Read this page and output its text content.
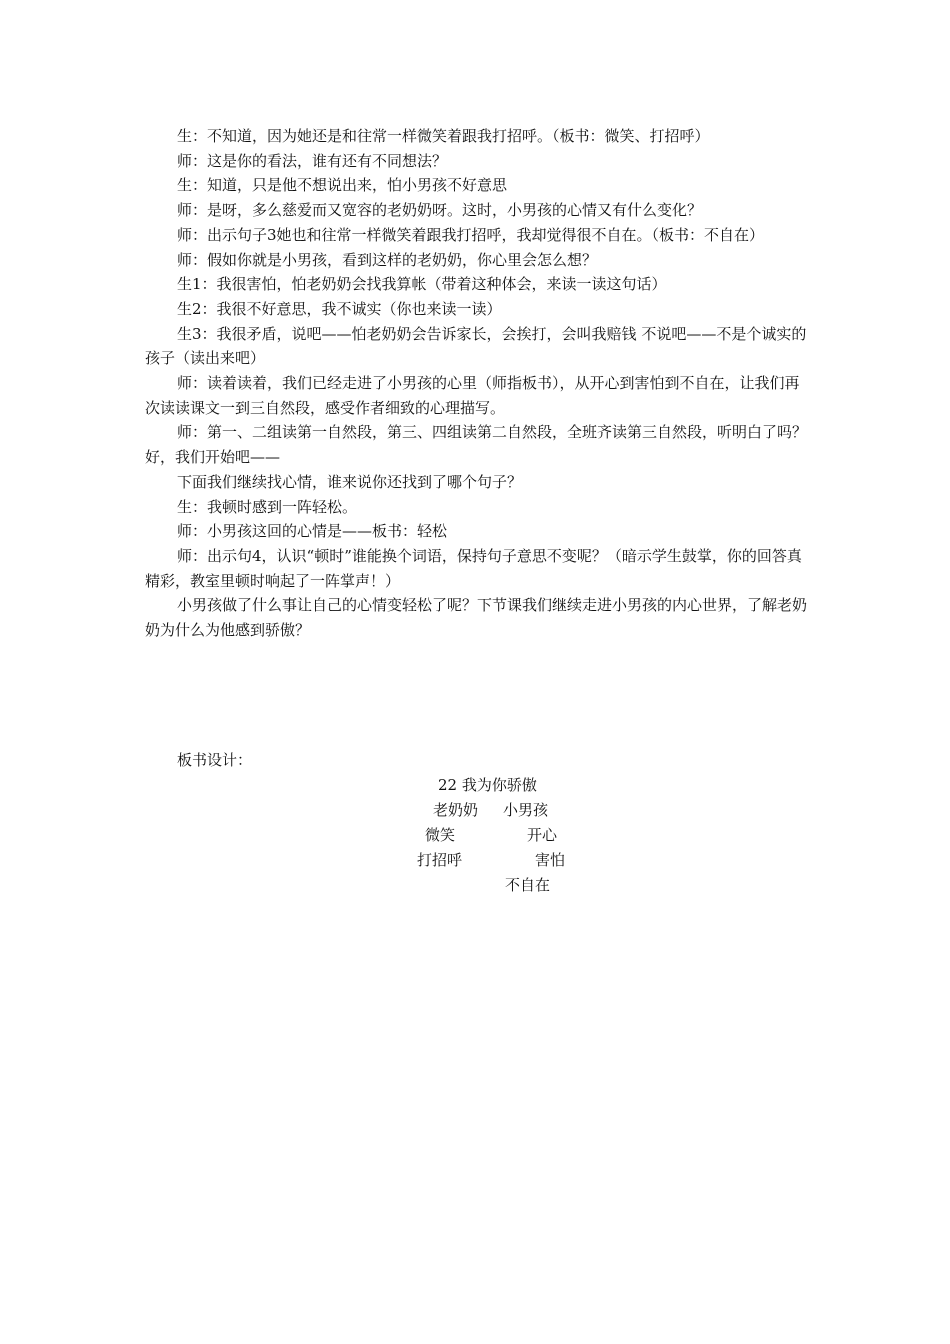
生：不知道，因为她还是和往常一样微笑着跟我打招呼。（板书：微笑、打招呼）

师：这是你的看法，谁有还有不同想法？

生：知道，只是他不想说出来，怕小男孩不好意思

师：是呀，多么慈爱而又宽容的老奶奶呀。这时，小男孩的心情又有什么变化？

师：出示句子3她也和往常一样微笑着跟我打招呼，我却觉得很不自在。（板书：不自在）

师：假如你就是小男孩，看到这样的老奶奶，你心里会怎么想？

生1：我很害怕，怕老奶奶会找我算帐（带着这种体会，来读一读这句话）

生2：我很不好意思，我不诚实（你也来读一读）

生3：我很矛盾，说吧——怕老奶奶会告诉家长，会挨打，会叫我赔钱 不说吧——不是个诚实的孩子（读出来吧）

师：读着读着，我们已经走进了小男孩的心里（师指板书），从开心到害怕到不自在，让我们再次读读课文一到三自然段，感受作者细致的心理描写。

师：第一、二组读第一自然段，第三、四组读第二自然段，全班齐读第三自然段，听明白了吗？好，我们开始吧——

下面我们继续找心情，谁来说你还找到了哪个句子？

生：我顿时感到一阵轻松。

师：小男孩这回的心情是——板书：轻松

师：出示句4，认识“顿时”谁能换个词语，保持句子意思不变呢？（暗示学生鼓掌，你的回答真精彩，教室里顿时响起了一阵掌声！）

小男孩做了什么事让自己的心情变轻松了呢？下节课我们继续走进小男孩的内心世界，了解老奶奶为什么为他感到骄傲？

板书设计：

22 我为你骄傲

老奶奶 小男孩

微笑	开心

打招呼	害怕

不自在
